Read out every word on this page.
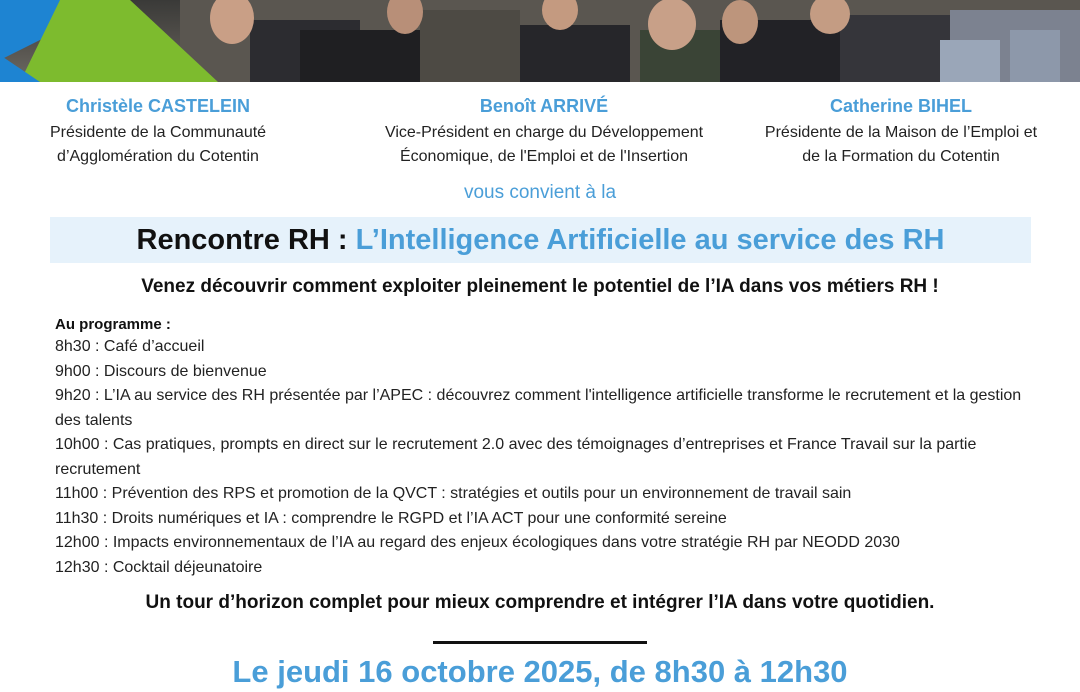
Christèle CASTELEIN
Présidente de la Communauté
d’Agglomération du Cotentin
Benoît ARRIVÉ
Vice-Président en charge du Développement
Économique, de l'Emploi et de l'Insertion
Catherine BIHEL
Présidente de la Maison de l’Emploi et
de la Formation du Cotentin
vous convient à la
Rencontre RH : L’Intelligence Artificielle au service des RH
Venez découvrir comment exploiter pleinement le potentiel de l’IA dans vos métiers RH !
Au programme :

8h30 : Café d’accueil

9h00 : Discours de bienvenue

9h20 : L’IA au service des RH présentée par l’APEC : découvrez comment l'intelligence artificielle transforme le recrutement et la gestion des talents

10h00 : Cas pratiques, prompts en direct sur le recrutement 2.0 avec des témoignages d’entreprises et France Travail sur la partie recrutement

11h00 : Prévention des RPS et promotion de la QVCT : stratégies et outils pour un environnement de travail sain

11h30 : Droits numériques et IA : comprendre le RGPD et l’IA ACT pour une conformité sereine

12h00 : Impacts environnementaux de l’IA au regard des enjeux écologiques dans votre stratégie RH par NEODD 2030

12h30 : Cocktail déjeunatoire

Un tour d’horizon complet pour mieux comprendre et intégrer l’IA dans votre quotidien.
Le jeudi 16 octobre 2025, de 8h30 à 12h30
